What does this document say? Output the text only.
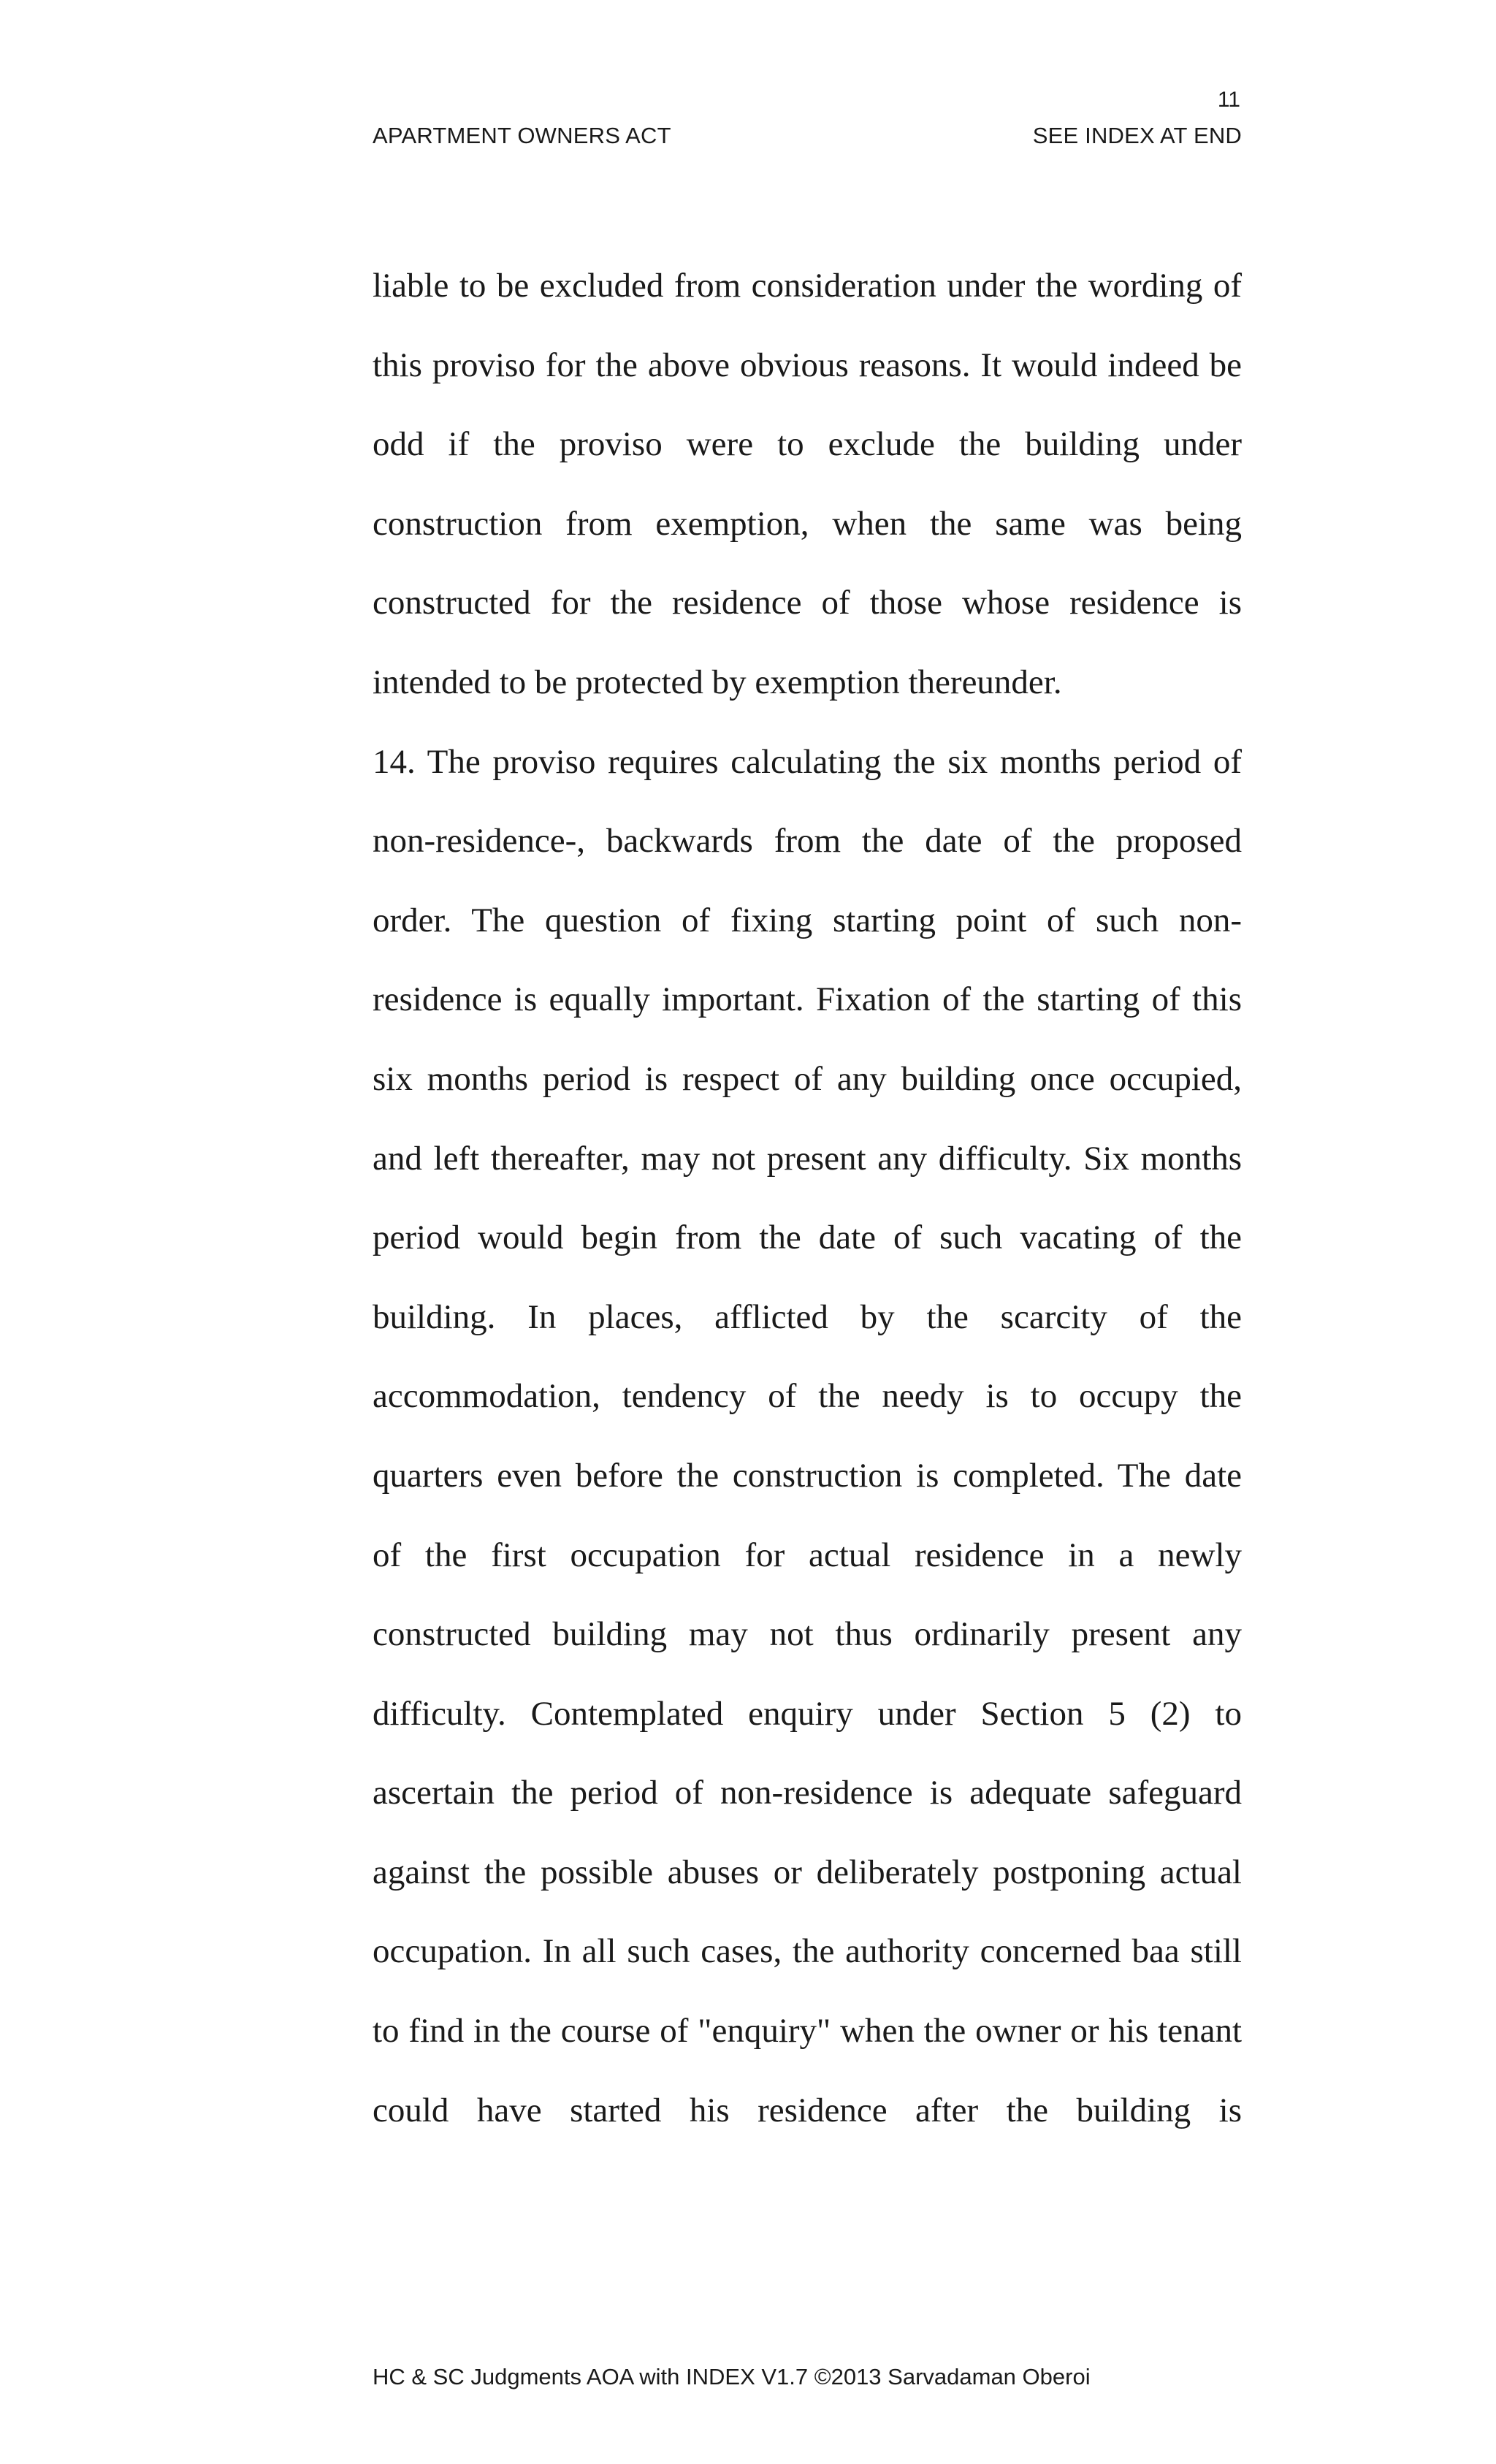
11
APARTMENT OWNERS ACT	SEE INDEX AT END
liable to be excluded from consideration under the wording of
this proviso for the above obvious reasons. It would indeed be
odd if the proviso were to exclude the building under
construction from exemption, when the same was being
constructed for the residence of those whose residence is
intended to be protected by exemption thereunder.
14. The proviso requires calculating the six months period of
non-residence-, backwards from the date of the proposed
order. The question of fixing starting point of such non-
residence is equally important. Fixation of the starting of this
six months period is respect of any building once occupied,
and left thereafter, may not present any difficulty. Six months
period would begin from the date of such vacating of the
building. In places, afflicted by the scarcity of the
accommodation, tendency of the needy is to occupy the
quarters even before the construction is completed. The date
of the first occupation for actual residence in a newly
constructed building may not thus ordinarily present any
difficulty. Contemplated enquiry under Section 5 (2) to
ascertain the period of non-residence is adequate safeguard
against the possible abuses or deliberately postponing actual
occupation. In all such cases, the authority concerned baa still
to find in the course of "enquiry" when the owner or his tenant
could have started his residence after the building is
HC & SC Judgments AOA with INDEX V1.7 ©2013 Sarvadaman Oberoi
